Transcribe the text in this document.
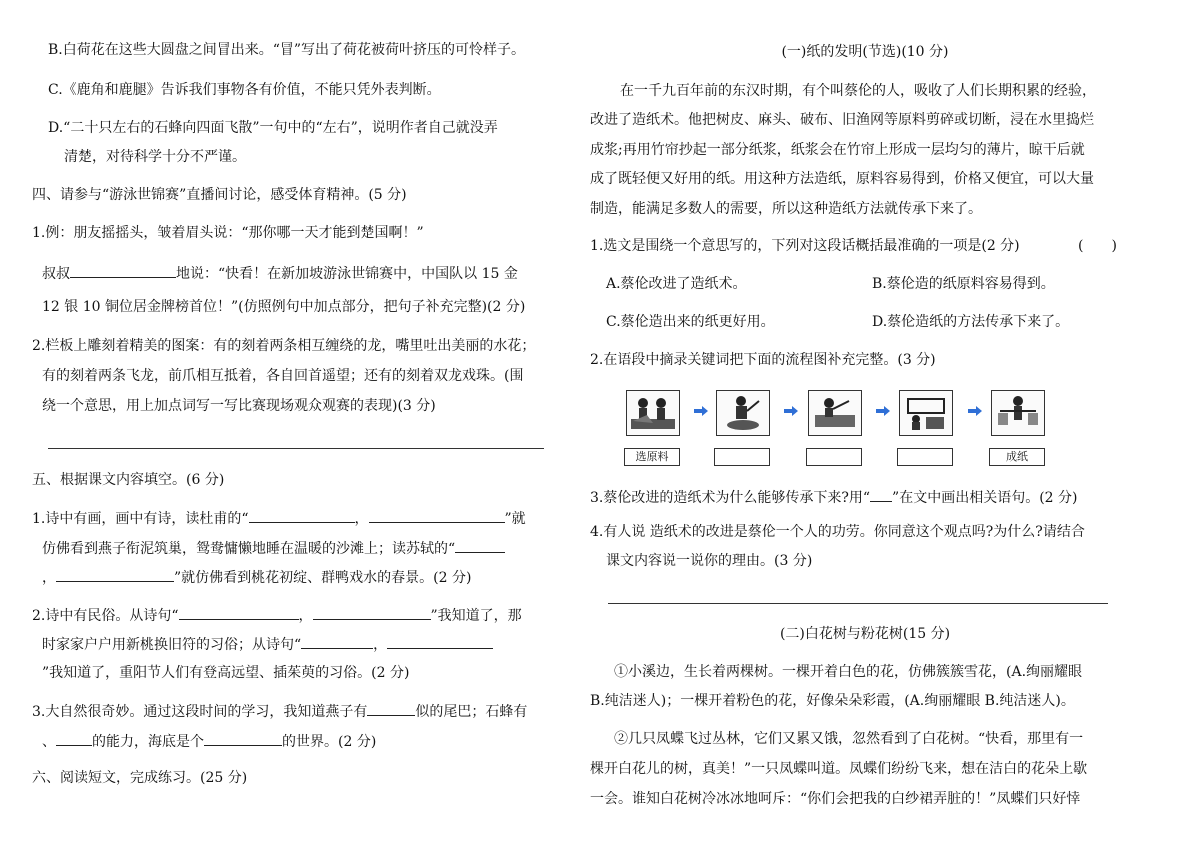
B.白荷花在这些大圆盘之间冒出来。“冒”写出了荷花被荷叶挤压的可怜样子。
C.《鹿角和鹿腿》告诉我们事物各有价值，不能只凭外表判断。
D.“二十只左右的石蜂向四面飞散”一句中的“左右”，说明作者自己就没弄
清楚，对待科学十分不严谨。
四、请参与“游泳世锦赛”直播间讨论，感受体育精神。(5 分)
1.例：朋友摇摇头，皱着眉头说：“那你哪一天才能到楚国啊！”
叔叔	地说：“快看！在新加坡游泳世锦赛中，中国队以 15 金
12 银 10 铜位居金牌榜首位！”(仿照例句中加点部分，把句子补充完整)(2 分)
2.栏板上雕刻着精美的图案：有的刻着两条相互缠绕的龙，嘴里吐出美丽的水花；
有的刻着两条飞龙，前爪相互抵着，各自回首遥望；还有的刻着双龙戏珠。(围
绕一个意思，用上加点词写一写比赛现场观众观赛的表现)(3 分)
五、根据课文内容填空。(6 分)
1.诗中有画，画中有诗，读杜甫的“	，	”就
仿佛看到燕子衔泥筑巢，鸳鸯慵懒地睡在温暖的沙滩上；读苏轼的“
，	”就仿佛看到桃花初绽、群鸭戏水的春景。(2 分)
2.诗中有民俗。从诗句“	，	”我知道了，那
时家家户户用新桃换旧符的习俗；从诗句“	，
”我知道了，重阳节人们有登高远望、插茱萸的习俗。(2 分)
3.大自然很奇妙。通过这段时间的学习，我知道燕子有	似的尾巴；石蜂有
、	的能力，海底是个	的世界。(2 分)
六、阅读短文，完成练习。(25 分)
(一)纸的发明(节选)(10 分)
在一千九百年前的东汉时期，有个叫蔡伦的人，吸收了人们长期积累的经验，
改进了造纸术。他把树皮、麻头、破布、旧渔网等原料剪碎或切断，浸在水里捣烂
成浆;再用竹帘抄起一部分纸浆，纸浆会在竹帘上形成一层均匀的薄片，晾干后就
成了既轻便又好用的纸。用这种方法造纸，原料容易得到，价格又便宜，可以大量
制造，能满足多数人的需要，所以这种造纸方法就传承下来了。
1.选文是围绕一个意思写的，下列对这段话概括最准确的一项是(2 分)	(　　)
A.蔡伦改进了造纸术。	B.蔡伦造的纸原料容易得到。
C.蔡伦造出来的纸更好用。	D.蔡伦造纸的方法传承下来了。
2.在语段中摘录关键词把下面的流程图补充完整。(3 分)
选原料	成纸
3.蔡伦改进的造纸术为什么能够传承下来?用“ ”在文中画出相关语句。(2 分)
4.有人说 造纸术的改进是蔡伦一个人的功劳。你同意这个观点吗?为什么?请结合
课文内容说一说你的理由。(3 分)
(二)白花树与粉花树(15 分)
①小溪边，生长着两棵树。一棵开着白色的花，仿佛簇簇雪花，(A.绚丽耀眼
B.纯洁迷人)；一棵开着粉色的花，好像朵朵彩霞，(A.绚丽耀眼 B.纯洁迷人)。
②几只凤蝶飞过丛林，它们又累又饿，忽然看到了白花树。“快看，那里有一
棵开白花儿的树，真美！”一只凤蝶叫道。凤蝶们纷纷飞来，想在洁白的花朵上歇
一会。谁知白花树冷冰冰地呵斥：“你们会把我的白纱裙弄脏的！”凤蝶们只好悻
